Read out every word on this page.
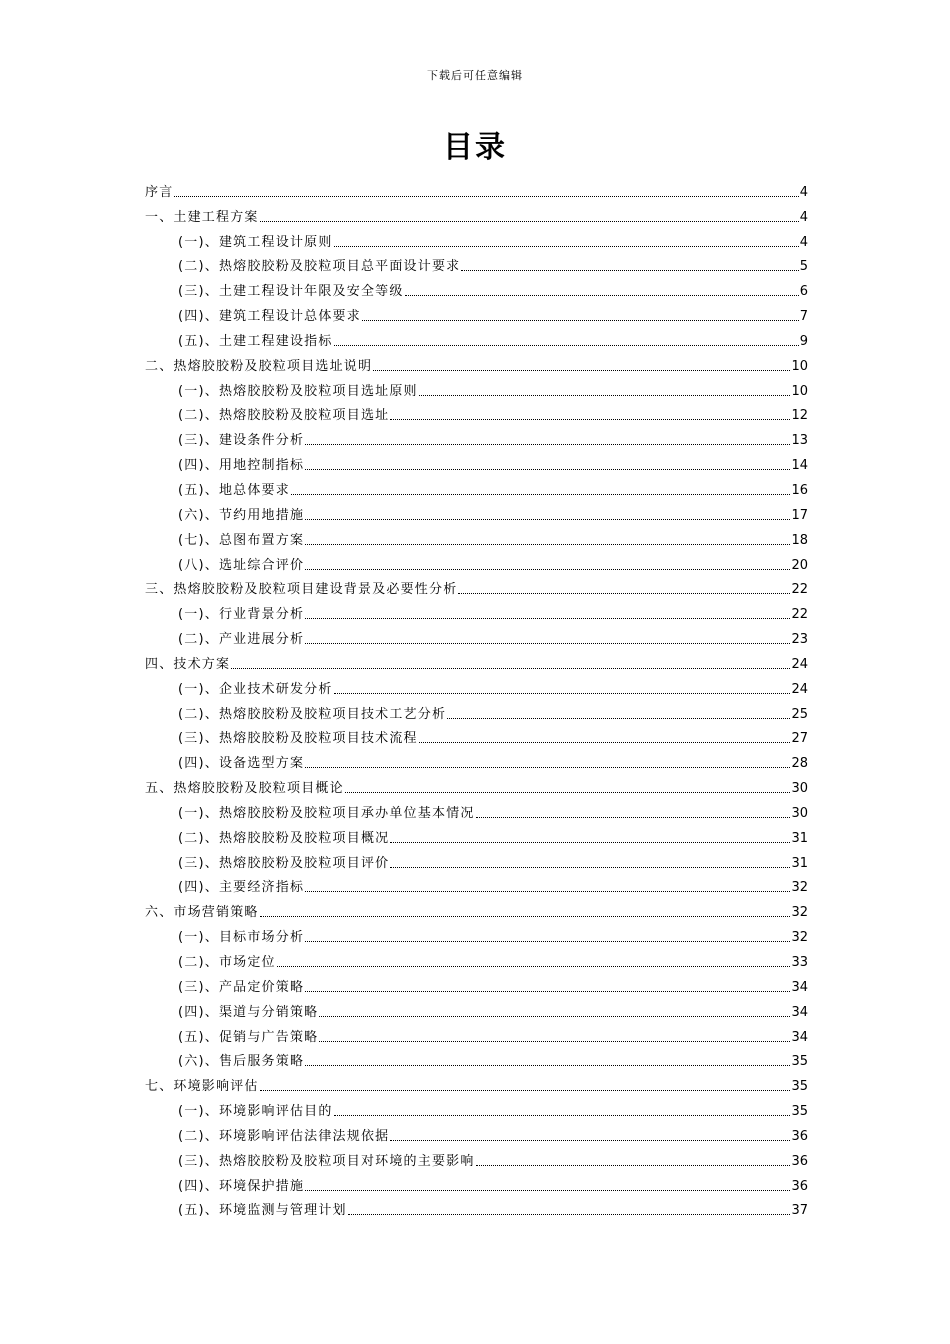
下载后可任意编辑
目录
序言	4
一、土建工程方案	4
(一)、建筑工程设计原则	4
(二)、热熔胶胶粉及胶粒项目总平面设计要求	5
(三)、土建工程设计年限及安全等级	6
(四)、建筑工程设计总体要求	7
(五)、土建工程建设指标	9
二、热熔胶胶粉及胶粒项目选址说明	10
(一)、热熔胶胶粉及胶粒项目选址原则	10
(二)、热熔胶胶粉及胶粒项目选址	12
(三)、建设条件分析	13
(四)、用地控制指标	14
(五)、地总体要求	16
(六)、节约用地措施	17
(七)、总图布置方案	18
(八)、选址综合评价	20
三、热熔胶胶粉及胶粒项目建设背景及必要性分析	22
(一)、行业背景分析	22
(二)、产业进展分析	23
四、技术方案	24
(一)、企业技术研发分析	24
(二)、热熔胶胶粉及胶粒项目技术工艺分析	25
(三)、热熔胶胶粉及胶粒项目技术流程	27
(四)、设备选型方案	28
五、热熔胶胶粉及胶粒项目概论	30
(一)、热熔胶胶粉及胶粒项目承办单位基本情况	30
(二)、热熔胶胶粉及胶粒项目概况	31
(三)、热熔胶胶粉及胶粒项目评价	31
(四)、主要经济指标	32
六、市场营销策略	32
(一)、目标市场分析	32
(二)、市场定位	33
(三)、产品定价策略	34
(四)、渠道与分销策略	34
(五)、促销与广告策略	34
(六)、售后服务策略	35
七、环境影响评估	35
(一)、环境影响评估目的	35
(二)、环境影响评估法律法规依据	36
(三)、热熔胶胶粉及胶粒项目对环境的主要影响	36
(四)、环境保护措施	36
(五)、环境监测与管理计划	37
